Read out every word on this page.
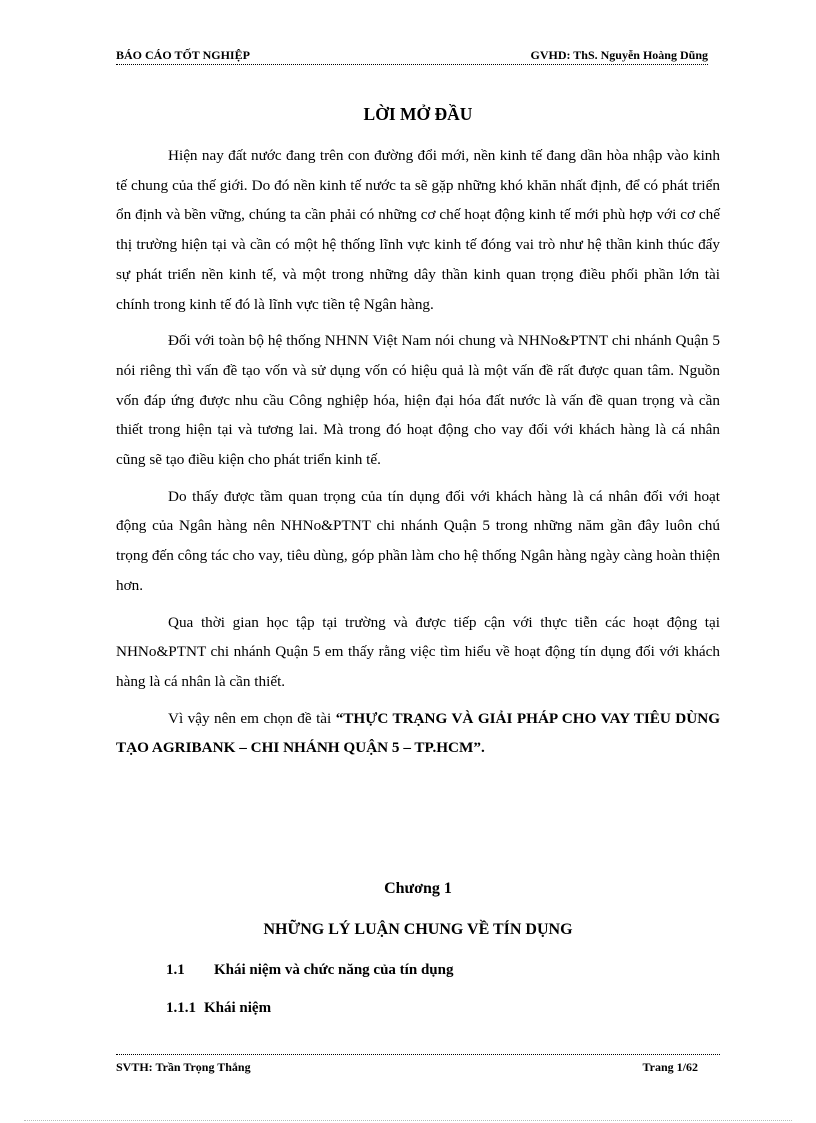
BÁO CÁO TỐT NGHIỆP	GVHD: ThS. Nguyễn Hoàng Dũng
LỜI MỞ ĐẦU

Hiện nay đất nước đang trên con đường đổi mới, nền kinh tế đang dần hòa nhập vào kinh tế chung của thế giới. Do đó nền kinh tế nước ta sẽ gặp những khó khăn nhất định, để có phát triển ổn định và bền vững, chúng ta cần phải có những cơ chế hoạt động kinh tế mới phù hợp với cơ chế thị trường hiện tại và cần có một hệ thống lĩnh vực kinh tế đóng vai trò như hệ thần kinh thúc đẩy sự phát triển nền kinh tế, và một trong những dây thần kinh quan trọng điều phối phần lớn tài chính trong kinh tế đó là lĩnh vực tiền tệ Ngân hàng.

Đối với toàn bộ hệ thống NHNN Việt Nam nói chung và NHNo&PTNT chi nhánh Quận 5 nói riêng thì vấn đề tạo vốn và sử dụng vốn có hiệu quả là một vấn đề rất được quan tâm. Nguồn vốn đáp ứng được nhu cầu Công nghiệp hóa, hiện đại hóa đất nước là vấn đề quan trọng và cần thiết trong hiện tại và tương lai. Mà trong đó hoạt động cho vay đối với khách hàng là cá nhân cũng sẽ tạo điều kiện cho phát triển kinh tế.

Do thấy được tầm quan trọng của tín dụng đối với khách hàng là cá nhân đối với hoạt động của Ngân hàng nên NHNo&PTNT chi nhánh Quận 5 trong những năm gần đây luôn chú trọng đến công tác cho vay, tiêu dùng, góp phần làm cho hệ thống Ngân hàng ngày càng hoàn thiện hơn.

Qua thời gian học tập tại trường và được tiếp cận với thực tiễn các hoạt động tại NHNo&PTNT chi nhánh Quận 5 em thấy rằng việc tìm hiểu về hoạt động tín dụng đối với khách hàng là cá nhân là cần thiết.

Vì vậy nên em chọn đề tài “THỰC TRẠNG VÀ GIẢI PHÁP CHO VAY TIÊU DÙNG TẠO AGRIBANK – CHI NHÁNH QUẬN 5 – TP.HCM”.

Chương 1
NHỮNG LÝ LUẬN CHUNG VỀ TÍN DỤNG
1.1 Khái niệm và chức năng của tín dụng
1.1.1 Khái niệm
SVTH: Trần Trọng Thắng	Trang 1/62
